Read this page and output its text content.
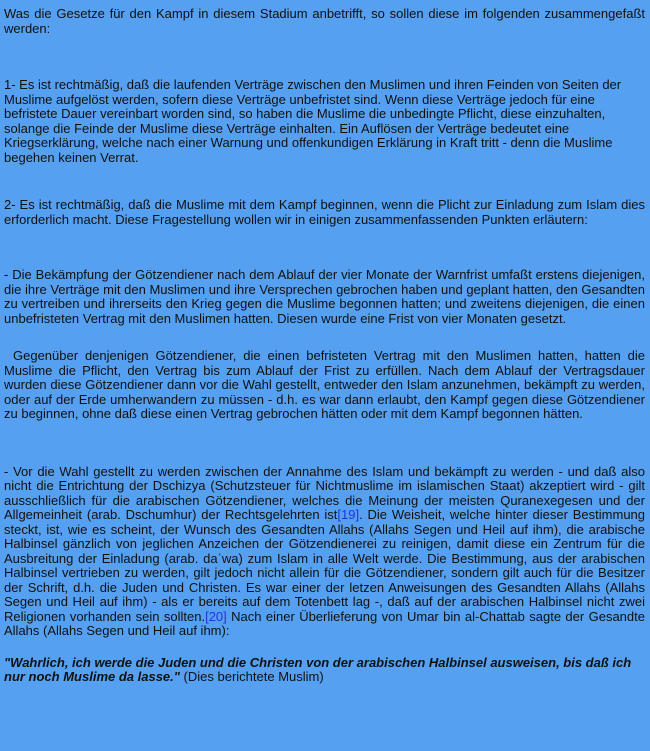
Was die Gesetze für den Kampf in diesem Stadium anbetrifft, so sollen diese im folgenden zusammengefaßt werden:

1- Es ist rechtmäßig, daß die laufenden Verträge zwischen den Muslimen und ihren Feinden von Seiten der Muslime aufgelöst werden, sofern diese Verträge unbefristet sind. Wenn diese Verträge jedoch für eine befristete Dauer vereinbart worden sind, so haben die Muslime die unbedingte Pflicht, diese einzuhalten, solange die Feinde der Muslime diese Verträge einhalten. Ein Auflösen der Verträge bedeutet eine Kriegserklärung, welche nach einer Warnung und offenkundigen Erklärung in Kraft tritt - denn die Muslime begehen keinen Verrat.

2- Es ist rechtmäßig, daß die Muslime mit dem Kampf beginnen, wenn die Plicht zur Einladung zum Islam dies erforderlich macht. Diese Fragestellung wollen wir in einigen zusammenfassenden Punkten erläutern:

- Die Bekämpfung der Götzendiener nach dem Ablauf der vier Monate der Warnfrist umfaßt erstens diejenigen, die ihre Verträge mit den Muslimen und ihre Versprechen gebrochen haben und geplant hatten, den Gesandten zu vertreiben und ihrerseits den Krieg gegen die Muslime begonnen hatten; und zweitens diejenigen, die einen unbefristeten Vertrag mit den Muslimen hatten. Diesen wurde eine Frist von vier Monaten gesetzt.

Gegenüber denjenigen Götzendiener, die einen befristeten Vertrag mit den Muslimen hatten, hatten die Muslime die Pflicht, den Vertrag bis zum Ablauf der Frist zu erfüllen. Nach dem Ablauf der Vertragsdauer wurden diese Götzendiener dann vor die Wahl gestellt, entweder den Islam anzunehmen, bekämpft zu werden, oder auf der Erde umherwandern zu müssen - d.h. es war dann erlaubt, den Kampf gegen diese Götzendiener zu beginnen, ohne daß diese einen Vertrag gebrochen hätten oder mit dem Kampf begonnen hätten.

- Vor die Wahl gestellt zu werden zwischen der Annahme des Islam und bekämpft zu werden - und daß also nicht die Entrichtung der Dschizya (Schutzsteuer für Nichtmuslime im islamischen Staat) akzeptiert wird - gilt ausschließlich für die arabischen Götzendiener, welches die Meinung der meisten Quranexegesen und der Allgemeinheit (arab. Dschumhur) der Rechtsgelehrten ist[19]. Die Weisheit, welche hinter dieser Bestimmung steckt, ist, wie es scheint, der Wunsch des Gesandten Allahs (Allahs Segen und Heil auf ihm), die arabische Halbinsel gänzlich von jeglichen Anzeichen der Götzendienerei zu reinigen, damit diese ein Zentrum für die Ausbreitung der Einladung (arab. daʿwa) zum Islam in alle Welt werde. Die Bestimmung, aus der arabischen Halbinsel vertrieben zu werden, gilt jedoch nicht allein für die Götzendiener, sondern gilt auch für die Besitzer der Schrift, d.h. die Juden und Christen. Es war einer der letzen Anweisungen des Gesandten Allahs (Allahs Segen und Heil auf ihm) - als er bereits auf dem Totenbett lag -, daß auf der arabischen Halbinsel nicht zwei Religionen vorhanden sein sollten.[20] Nach einer Überlieferung von Umar bin al-Chattab sagte der Gesandte Allahs (Allahs Segen und Heil auf ihm):

"Wahrlich, ich werde die Juden und die Christen von der arabischen Halbinsel ausweisen, bis daß ich nur noch Muslime da lasse." (Dies berichtete Muslim)
